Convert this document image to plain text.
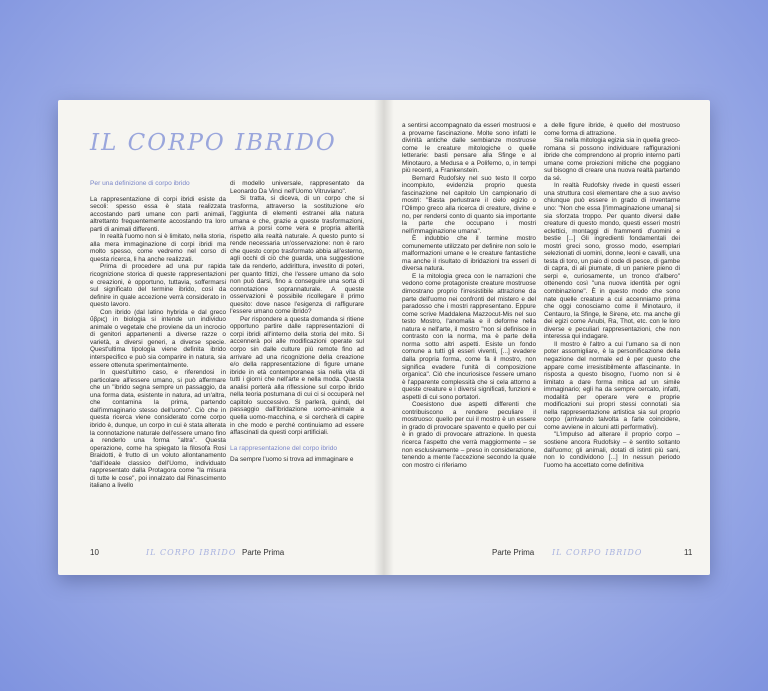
IL CORPO IBRIDO
Per una definizione di corpo ibrido

La rappresentazione di corpi ibridi esiste da secoli: spesso essa è stata realizzata accostando parti umane con parti animali, altrettanto frequentemente accostando tra loro parti di animali differenti.

In realtà l'uomo non si è limitato, nella storia, alla mera immaginazione di corpi ibridi ma molto spesso, come vedremo nel corso di questa ricerca, li ha anche realizzati.

Prima di procedere ad una pur rapida ricognizione storica di queste rappresentazioni e creazioni, è opportuno, tuttavia, soffermarsi sul significato del termine ibrido, così da definire in quale accezione verrà considerato in questo lavoro.

Con ibrido (dal latino hybrida e dal greco ὕβρις) in biologia si intende un individuo animale o vegetale che proviene da un incrocio di genitori appartenenti a diverse razze o varietà, a diversi generi, a diverse specie. Quest'ultima tipologia viene definita ibrido interspecifico e può sia comparire in natura, sia essere ottenuta sperimentalmente.

In quest'ultimo caso, e riferendosi in particolare all'essere umano, si può affermare che un "ibrido segna sempre un passaggio, da una forma data, esistente in natura, ad un'altra, che contamina la prima, partendo dall'immaginario stesso dell'uomo". Ciò che in questa ricerca viene considerato come corpo ibrido è, dunque, un corpo in cui è stata alterata la connotazione naturale dell'essere umano fino a renderlo una forma "altra". Questa operazione, come ha spiegato la filosofa Rosi Braidotti, è frutto di un voluto allontanamento "dall'ideale classico dell'Uomo, individuato rappresentato dalla Protagora come "la misura di tutte le cose", poi innalzato dal Rinascimento italiano a livello

di modello universale, rappresentato da Leonardo Da Vinci nell'Uomo Vitruviano".

Si tratta, si diceva, di un corpo che si trasforma, attraverso la sostituzione e/o l'aggiunta di elementi estranei alla natura umana e che, grazie a queste trasformazioni, arriva a porsi come vera e propria alterità rispetto alla realtà naturale. A questo punto si rende necessaria un'osservazione: non è raro che questo corpo trasformato abbia all'esterno, agli occhi di ciò che guarda, una suggestione tale da renderlo, addirittura, investito di poteri, per quanto fittizi, che l'essere umano da solo non può darsi, fino a conseguire una sorta di connotazione soprannaturale. A queste osservazioni è possibile ricollegare il primo quesito: dove nasce l'esigenza di raffigurare l'essere umano come ibrido?

Per rispondere a questa domanda si ritiene opportuno partire dalle rappresentazioni di corpi ibridi all'interno della storia del mito. Si accennerà poi alle modificazioni operate sul corpo sin dalle culture più remote fino ad arrivare ad una ricognizione della creazione e/o della rappresentazione di figure umane ibride in età contemporanea sia nella vita di tutti i giorni che nell'arte e nella moda. Questa analisi porterà alla riflessione sul corpo ibrido nella teoria postumana di cui ci si occuperà nel capitolo successivo. Si parlerà, quindi, del passaggio dall'ibridazione uomo-animale a quella uomo-macchina, e si cercherà di capire in che modo e perché continuiamo ad essere affascinati da questi corpi artificiali.

La rappresentazione del corpo ibrido

Da sempre l'uomo si trova ad immaginare e

10	IL CORPO IBRIDO Parte Prima

a sentirsi accompagnato da esseri mostruosi e a provarne fascinazione. Molte sono infatti le divinità antiche dalle sembianze mostruose come le creature mitologiche o quelle letterarie: basti pensare alla Sfinge e al Minotauro, a Medusa e a Polifemo, o, in tempi più recenti, a Frankenstein.

Bernard Rudofsky nel suo testo Il corpo incompiuto, evidenzia proprio questa fascinazione nel capitolo Un campionario di mostri: "Basta perlustrare il cielo egizio o l'Olimpo greco alla ricerca di creature, divine e no, per rendersi conto di quanto sia importante la parte che occupano i mostri nell'immaginazione umana".

È indubbio che il termine mostro comunemente utilizzato per definire non solo le malformazioni umane e le creature fantastiche ma anche il risultato di ibridazioni tra esseri di diversa natura.

E la mitologia greca con le narrazioni che vedono come protagoniste creature mostruose dimostrano proprio l'irresistibile attrazione da parte dell'uomo nei confronti del mistero e del paradosso che i mostri rappresentano. Eppure come scrive Maddalena Mazzocut-Mis nel suo testo Mostro, l'anomalia e il deforme nella natura e nell'arte, il mostro "non si definisce in contrasto con la norma, ma è parte della norma sotto altri aspetti. Esiste un fondo comune a tutti gli esseri viventi, [...] evadere dalla propria forma, come fa il mostro, non significa evadere l'unità di composizione organica". Ciò che incuriosisce l'essere umano è l'apparente complessità che si cela attorno a queste creature e i diversi significati, funzioni e aspetti di cui sono portatori.

Coesistono due aspetti differenti che contribuiscono a rendere peculiare il mostruoso: quello per cui il mostro è un essere in grado di provocare spavento e quello per cui è in grado di provocare attrazione. In questa ricerca l'aspetto che verrà maggiormente – se non esclusivamente – preso in considerazione, tenendo a mente l'accezione secondo la quale con mostro ci riferiamo

a delle figure ibride, è quello del mostruoso come forma di attrazione.

Sia nella mitologia egizia sia in quella greco-romana si possono individuare raffigurazioni ibride che comprendono al proprio interno parti umane come proiezioni mitiche che poggiano sul bisogno di creare una nuova realtà partendo da sé.

In realtà Rudofsky rivede in questi esseri una struttura così elementare che a suo avviso chiunque può essere in grado di inventarne uno: "Non che essa [l'immaginazione umana] si sia sforzata troppo. Per quanto diversi dalle creature di questo mondo, questi esseri mostri eclettici, montaggi di frammenti d'uomini e bestie [...] Gli ingredienti fondamentali dei mostri greci sono, grosso modo, esemplari selezionati di uomini, donne, leoni e cavalli, una testa di toro, un paio di code di pesce, di gambe di capra, di ali piumate, di un paniere pieno di serpi e, curiosamente, un tronco d'albero" ottenendo così "una nuova identità per ogni combinazione". È in questo modo che sono nate quelle creature a cui accenniamo prima che oggi conosciamo come il Minotauro, il Centauro, la Sfinge, le Sirene, etc. ma anche gli dei egizi come Anubi, Ra, Thot, etc. con le loro diverse e peculiari rappresentazioni, che non interessa qui indagare.

Il mostro è l'altro a cui l'umano sa di non poter assomigliare, è la personificazione della negazione del normale ed è per questo che appare come irresistibilmente affascinante. In risposta a questo bisogno, l'uomo non si è limitato a dare forma mitica ad un simile immaginario; egli ha da sempre cercato, infatti, modalità per operare vere e proprie modificazioni sui propri stessi connotati sia nella rappresentazione artistica sia sul proprio corpo (arrivando talvolta a farle coincidere, come avviene in alcuni atti performativi).

"L'impulso ad alterare il proprio corpo – sostiene ancora Rudofsky – è sentito soltanto dall'uomo; gli animali, dotati di istinti più sani, non lo condividono [...] In nessun periodo l'uomo ha accettato come definitiva

Parte Prima IL CORPO IBRIDO	11
